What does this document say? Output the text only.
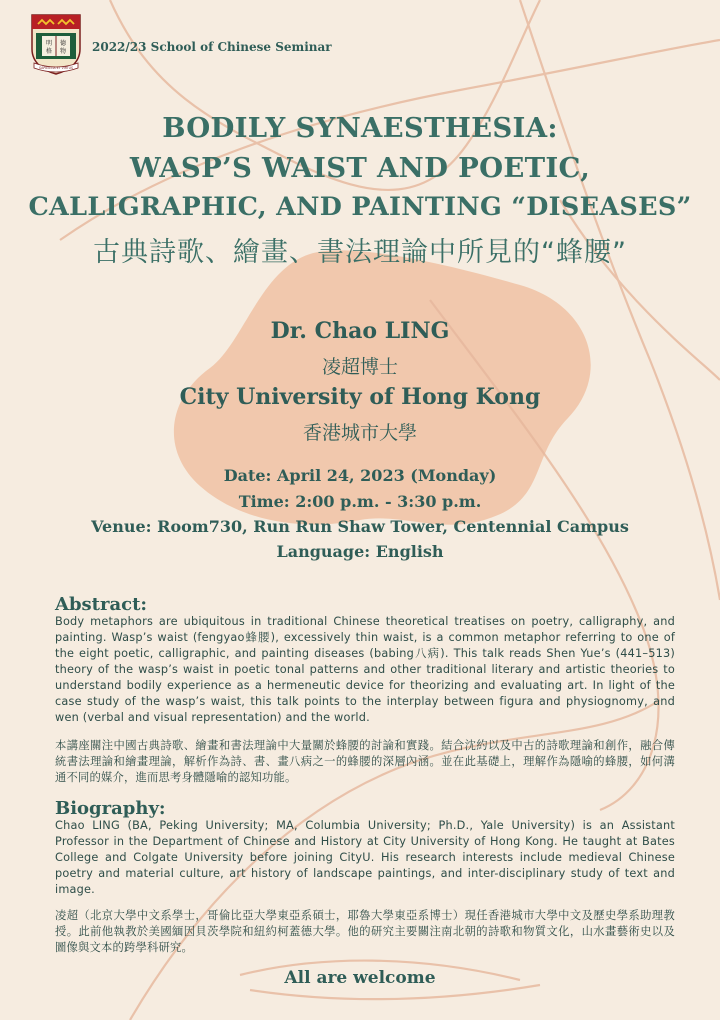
明 德
格 物
SAPIENTIA ET VIRTUS
2022/23 School of Chinese Seminar
BODILY SYNAESTHESIA:
WASP’S WAIST AND POETIC,
CALLIGRAPHIC, AND PAINTING “DISEASES”
古典詩歌、繪畫、書法理論中所見的“蜂腰”
Dr. Chao LING
凌超博士
City University of Hong Kong
香港城市大學
Date: April 24, 2023 (Monday)
Time: 2:00 p.m. - 3:30 p.m.
Venue: Room730, Run Run Shaw Tower, Centennial Campus
Language: English
Abstract:
Body metaphors are ubiquitous in traditional Chinese theoretical treatises on poetry, calligraphy, and painting. Wasp’s waist (fengyao蜂腰), excessively thin waist, is a common metaphor referring to one of the eight poetic, calligraphic, and painting diseases (babing八病). This talk reads Shen Yue’s (441–513) theory of the wasp’s waist in poetic tonal patterns and other traditional literary and artistic theories to understand bodily experience as a hermeneutic device for theorizing and evaluating art. In light of the case study of the wasp’s waist, this talk points to the interplay between figura and physiognomy, and wen (verbal and visual representation) and the world.
本講座關注中國古典詩歌、繪畫和書法理論中大量關於蜂腰的討論和實踐。結合沈約以及中古的詩歌理論和創作，融合傳統書法理論和繪畫理論，解析作為詩、書、畫八病之一的蜂腰的深層內涵。並在此基礎上，理解作為隱喻的蜂腰，如何溝通不同的媒介，進而思考身體隱喻的認知功能。
Biography:
Chao LING (BA, Peking University; MA, Columbia University; Ph.D., Yale University) is an Assistant Professor in the Department of Chinese and History at City University of Hong Kong. He taught at Bates College and Colgate University before joining CityU. His research interests include medieval Chinese poetry and material culture, art history of landscape paintings, and inter-disciplinary study of text and image.
凌超（北京大學中文系學士，哥倫比亞大學東亞系碩士，耶魯大學東亞系博士）現任香港城市大學中文及歷史學系助理教授。此前他執教於美國緬因貝茨學院和紐約柯蓋德大學。他的研究主要關注南北朝的詩歌和物質文化，山水畫藝術史以及圖像與文本的跨學科研究。
All are welcome
